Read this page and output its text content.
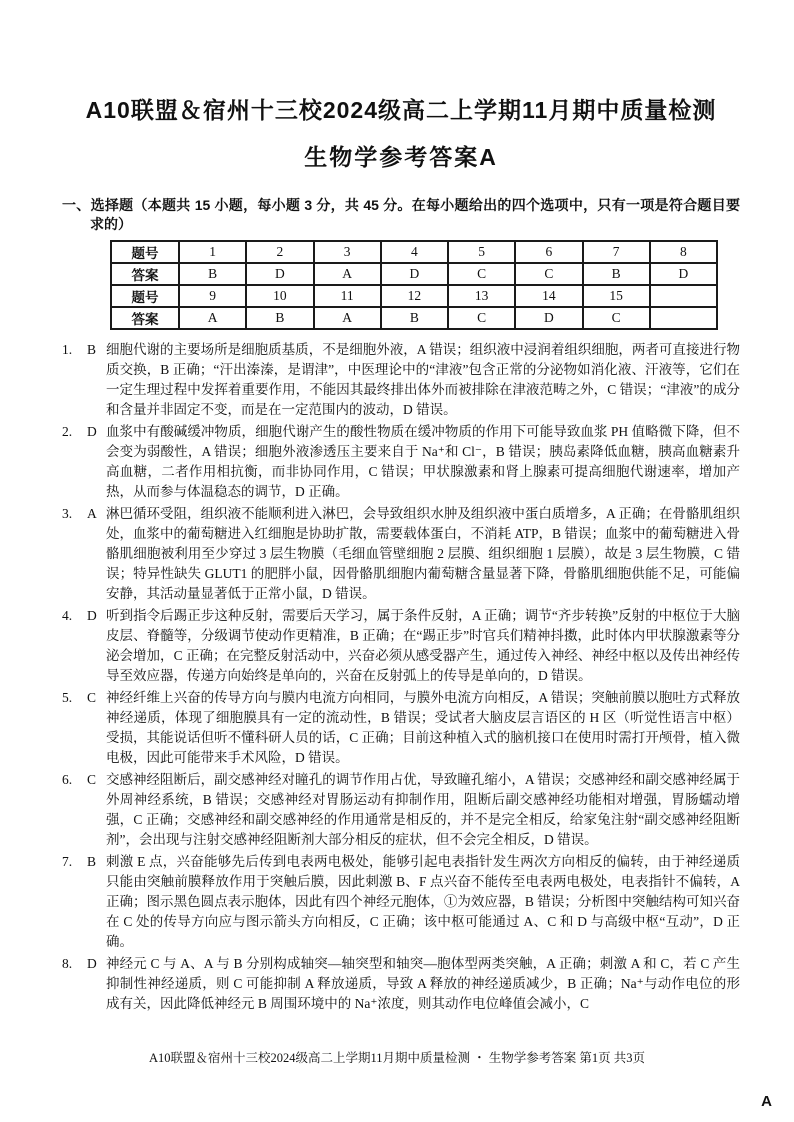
A10联盟＆宿州十三校2024级高二上学期11月期中质量检测
生物学参考答案A

一、选择题（本题共 15 小题，每小题 3 分，共 45 分。在每小题给出的四个选项中，只有一项是符合题目要求的）

题号	1	2	3	4	5	6	7	8
答案	B	D	A	D	C	C	B	D
题号	9	10	11	12	13	14	15	
答案	A	B	A	B	C	D	C	
1.	B 细胞代谢的主要场所是细胞质基质，不是细胞外液，A 错误；组织液中浸润着组织细胞，两者可直接进行物质交换，B 正确；“汗出溱溱，是谓津”，中医理论中的“津液”包含正常的分泌物如消化液、汗液等，它们在一定生理过程中发挥着重要作用，不能因其最终排出体外而被排除在津液范畴之外，C 错误；“津液”的成分和含量并非固定不变，而是在一定范围内的波动，D 错误。
2.	D 血浆中有酸碱缓冲物质，细胞代谢产生的酸性物质在缓冲物质的作用下可能导致血浆 PH 值略微下降，但不会变为弱酸性，A 错误；细胞外液渗透压主要来自于 Na⁺和 Cl⁻，B 错误；胰岛素降低血糖，胰高血糖素升高血糖，二者作用相抗衡，而非协同作用，C 错误；甲状腺激素和肾上腺素可提高细胞代谢速率，增加产热，从而参与体温稳态的调节，D 正确。
3.	A 淋巴循环受阻，组织液不能顺利进入淋巴，会导致组织水肿及组织液中蛋白质增多，A 正确；在骨骼肌组织处，血浆中的葡萄糖进入红细胞是协助扩散，需要载体蛋白，不消耗 ATP，B 错误；血浆中的葡萄糖进入骨骼肌细胞被利用至少穿过 3 层生物膜（毛细血管壁细胞 2 层膜、组织细胞 1 层膜），故是 3 层生物膜，C 错误；特异性缺失 GLUT1 的肥胖小鼠，因骨骼肌细胞内葡萄糖含量显著下降，骨骼肌细胞供能不足，可能偏安静，其活动量显著低于正常小鼠，D 错误。
4.	D 听到指令后踢正步这种反射，需要后天学习，属于条件反射，A 正确；调节“齐步转换”反射的中枢位于大脑皮层、脊髓等，分级调节使动作更精准，B 正确；在“踢正步”时官兵们精神抖擞，此时体内甲状腺激素等分泌会增加，C 正确；在完整反射活动中，兴奋必须从感受器产生，通过传入神经、神经中枢以及传出神经传导至效应器，传递方向始终是单向的，兴奋在反射弧上的传导是单向的，D 错误。
5.	C 神经纤维上兴奋的传导方向与膜内电流方向相同，与膜外电流方向相反，A 错误；突触前膜以胞吐方式释放神经递质，体现了细胞膜具有一定的流动性，B 错误；受试者大脑皮层言语区的 H 区（听觉性语言中枢）受损，其能说话但听不懂科研人员的话，C 正确；目前这种植入式的脑机接口在使用时需打开颅骨，植入微电极，因此可能带来手术风险，D 错误。
6.	C 交感神经阻断后，副交感神经对瞳孔的调节作用占优，导致瞳孔缩小，A 错误；交感神经和副交感神经属于外周神经系统，B 错误；交感神经对胃肠运动有抑制作用，阻断后副交感神经功能相对增强，胃肠蠕动增强，C 正确；交感神经和副交感神经的作用通常是相反的，并不是完全相反，给家兔注射“副交感神经阻断剂”，会出现与注射交感神经阻断剂大部分相反的症状，但不会完全相反，D 错误。
7.	B 刺激 E 点，兴奋能够先后传到电表两电极处，能够引起电表指针发生两次方向相反的偏转，由于神经递质只能由突触前膜释放作用于突触后膜，因此刺激 B、F 点兴奋不能传至电表两电极处，电表指针不偏转，A 正确；图示黑色圆点表示胞体，因此有四个神经元胞体，①为效应器，B 错误；分析图中突触结构可知兴奋在 C 处的传导方向应与图示箭头方向相反，C 正确；该中枢可能通过 A、C 和 D 与高级中枢“互动”，D 正确。
8.	D 神经元 C 与 A、A 与 B 分别构成轴突—轴突型和轴突—胞体型两类突触，A 正确；刺激 A 和 C，若 C 产生抑制性神经递质，则 C 可能抑制 A 释放递质，导致 A 释放的神经递质减少，B 正确；Na⁺与动作电位的形成有关，因此降低神经元 B 周围环境中的 Na⁺浓度，则其动作电位峰值会减小，C
A10联盟＆宿州十三校2024级高二上学期11月期中质量检测 ・ 生物学参考答案 第1页 共3页
A
